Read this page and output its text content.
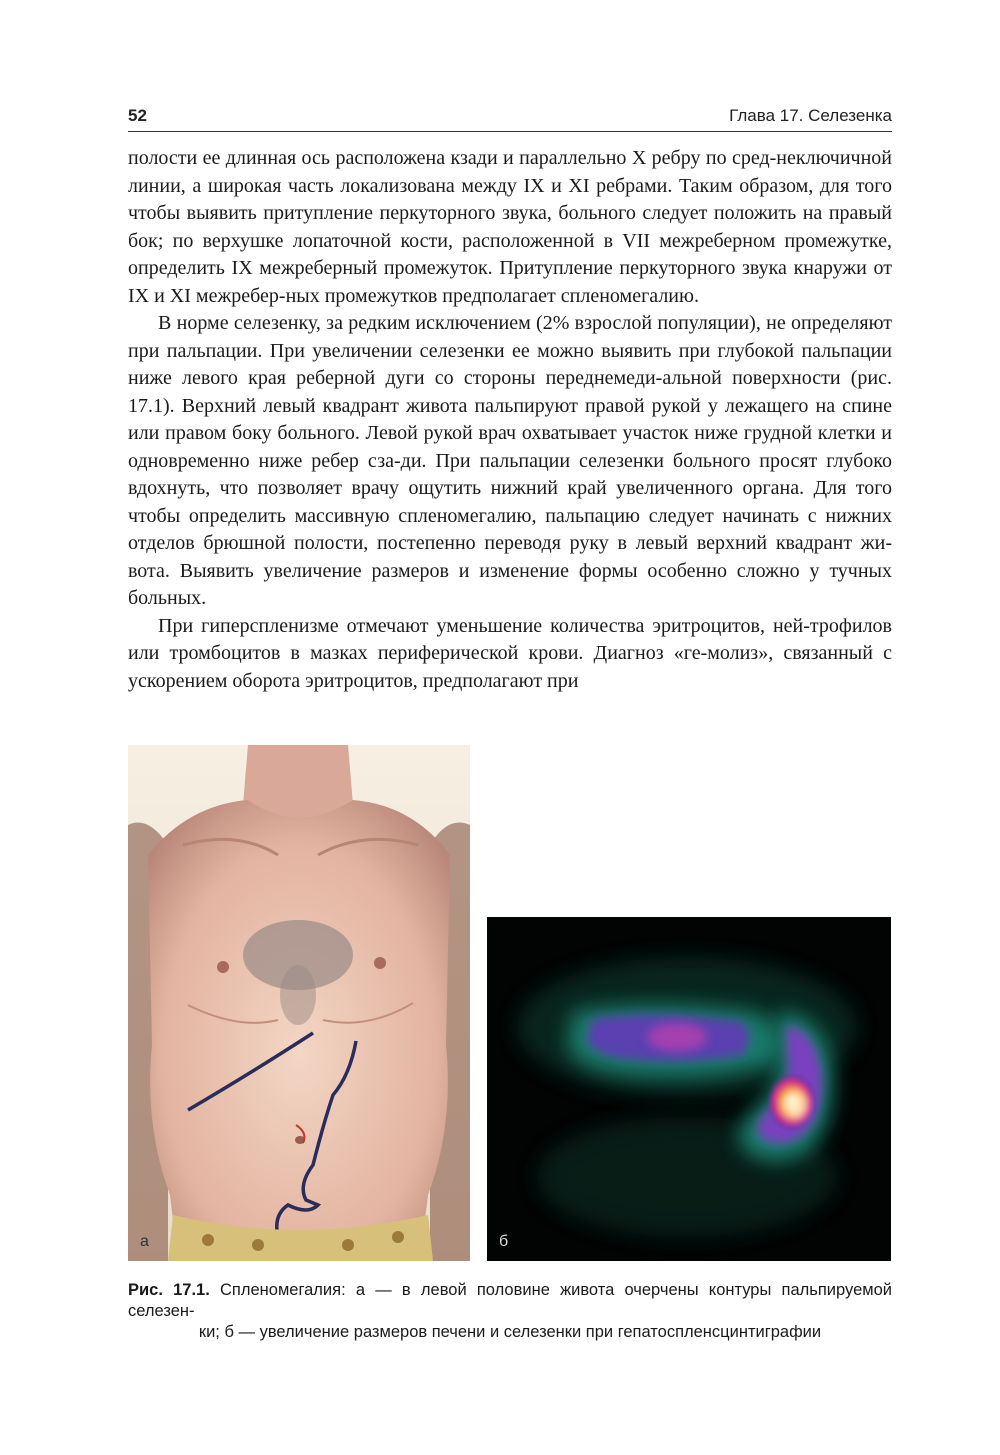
52	Глава 17. Селезенка

полости ее длинная ось расположена кзади и параллельно X ребру по сред-неключичной линии, а широкая часть локализована между IX и XI ребрами. Таким образом, для того чтобы выявить притупление перкуторного звука, больного следует положить на правый бок; по верхушке лопаточной кости, расположенной в VII межреберном промежутке, определить IX межреберный промежуток. Притупление перкуторного звука кнаружи от IX и XI межребер-ных промежутков предполагает спленомегалию.

В норме селезенку, за редким исключением (2% взрослой популяции), не определяют при пальпации. При увеличении селезенки ее можно выявить при глубокой пальпации ниже левого края реберной дуги со стороны переднемеди-альной поверхности (рис. 17.1). Верхний левый квадрант живота пальпируют правой рукой у лежащего на спине или правом боку больного. Левой рукой врач охватывает участок ниже грудной клетки и одновременно ниже ребер сза-ди. При пальпации селезенки больного просят глубоко вдохнуть, что позволяет врачу ощутить нижний край увеличенного органа. Для того чтобы определить массивную спленомегалию, пальпацию следует начинать с нижних отделов брюшной полости, постепенно переводя руку в левый верхний квадрант жи-вота. Выявить увеличение размеров и изменение формы особенно сложно у тучных больных.

При гиперспленизме отмечают уменьшение количества эритроцитов, ней-трофилов или тромбоцитов в мазках периферической крови. Диагноз «ге-молиз», связанный с ускорением оборота эритроцитов, предполагают при

а	б
Рис. 17.1. Спленомегалия: а — в левой половине живота очерчены контуры пальпируемой селезен-
ки; б — увеличение размеров печени и селезенки при гепатоспленсцинтиграфии
